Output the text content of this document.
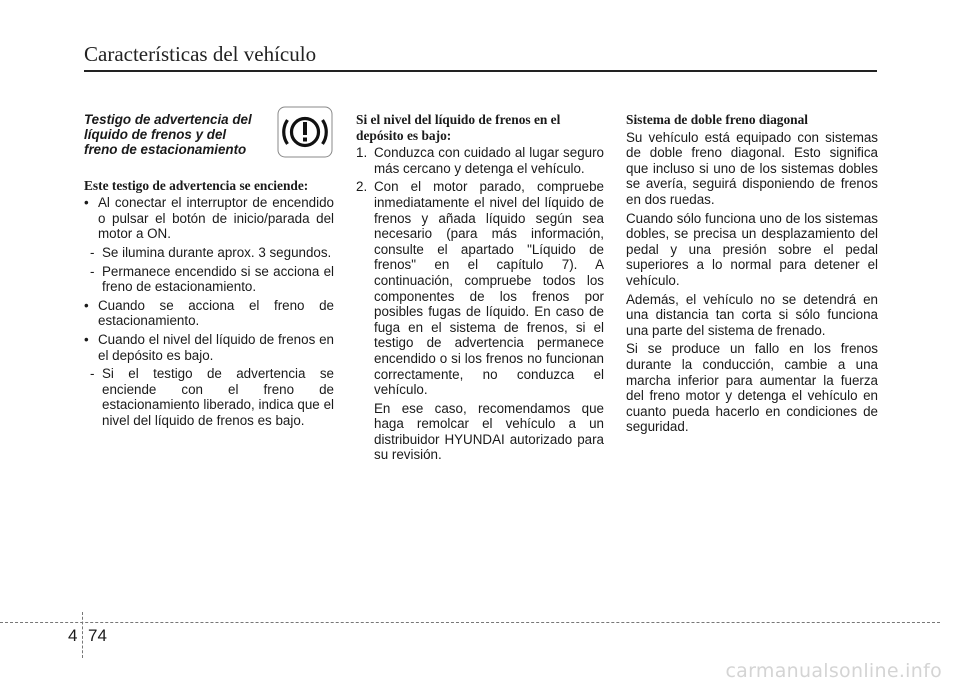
Características del vehículo
Testigo de advertencia del líquido de frenos y del freno de estacionamiento
Este testigo de advertencia se enciende:
• Al conectar el interruptor de encendido o pulsar el botón de inicio/parada del motor a ON.
- Se ilumina durante aprox. 3 segundos.
- Permanece encendido si se acciona el freno de estacionamiento.
• Cuando se acciona el freno de estacionamiento.
• Cuando el nivel del líquido de frenos en el depósito es bajo.
- Si el testigo de advertencia se enciende con el freno de estacionamiento liberado, indica que el nivel del líquido de frenos es bajo.
Si el nivel del líquido de frenos en el depósito es bajo:
1. Conduzca con cuidado al lugar seguro más cercano y detenga el vehículo.
2. Con el motor parado, compruebe inmediatamente el nivel del líquido de frenos y añada líquido según sea necesario (para más información, consulte el apartado "Líquido de frenos" en el capítulo 7). A continuación, compruebe todos los componentes de los frenos por posibles fugas de líquido. En caso de fuga en el sistema de frenos, si el testigo de advertencia permanece encendido o si los frenos no funcionan correctamente, no conduzca el vehículo.
En ese caso, recomendamos que haga remolcar el vehículo a un distribuidor HYUNDAI autorizado para su revisión.
Sistema de doble freno diagonal
Su vehículo está equipado con sistemas de doble freno diagonal. Esto significa que incluso si uno de los sistemas dobles se avería, seguirá disponiendo de frenos en dos ruedas.
Cuando sólo funciona uno de los sistemas dobles, se precisa un desplazamiento del pedal y una presión sobre el pedal superiores a lo normal para detener el vehículo.
Además, el vehículo no se detendrá en una distancia tan corta si sólo funciona una parte del sistema de frenado.
Si se produce un fallo en los frenos durante la conducción, cambie a una marcha inferior para aumentar la fuerza del freno motor y detenga el vehículo en cuanto pueda hacerlo en condiciones de seguridad.
4 74
carmanualsonline.info
